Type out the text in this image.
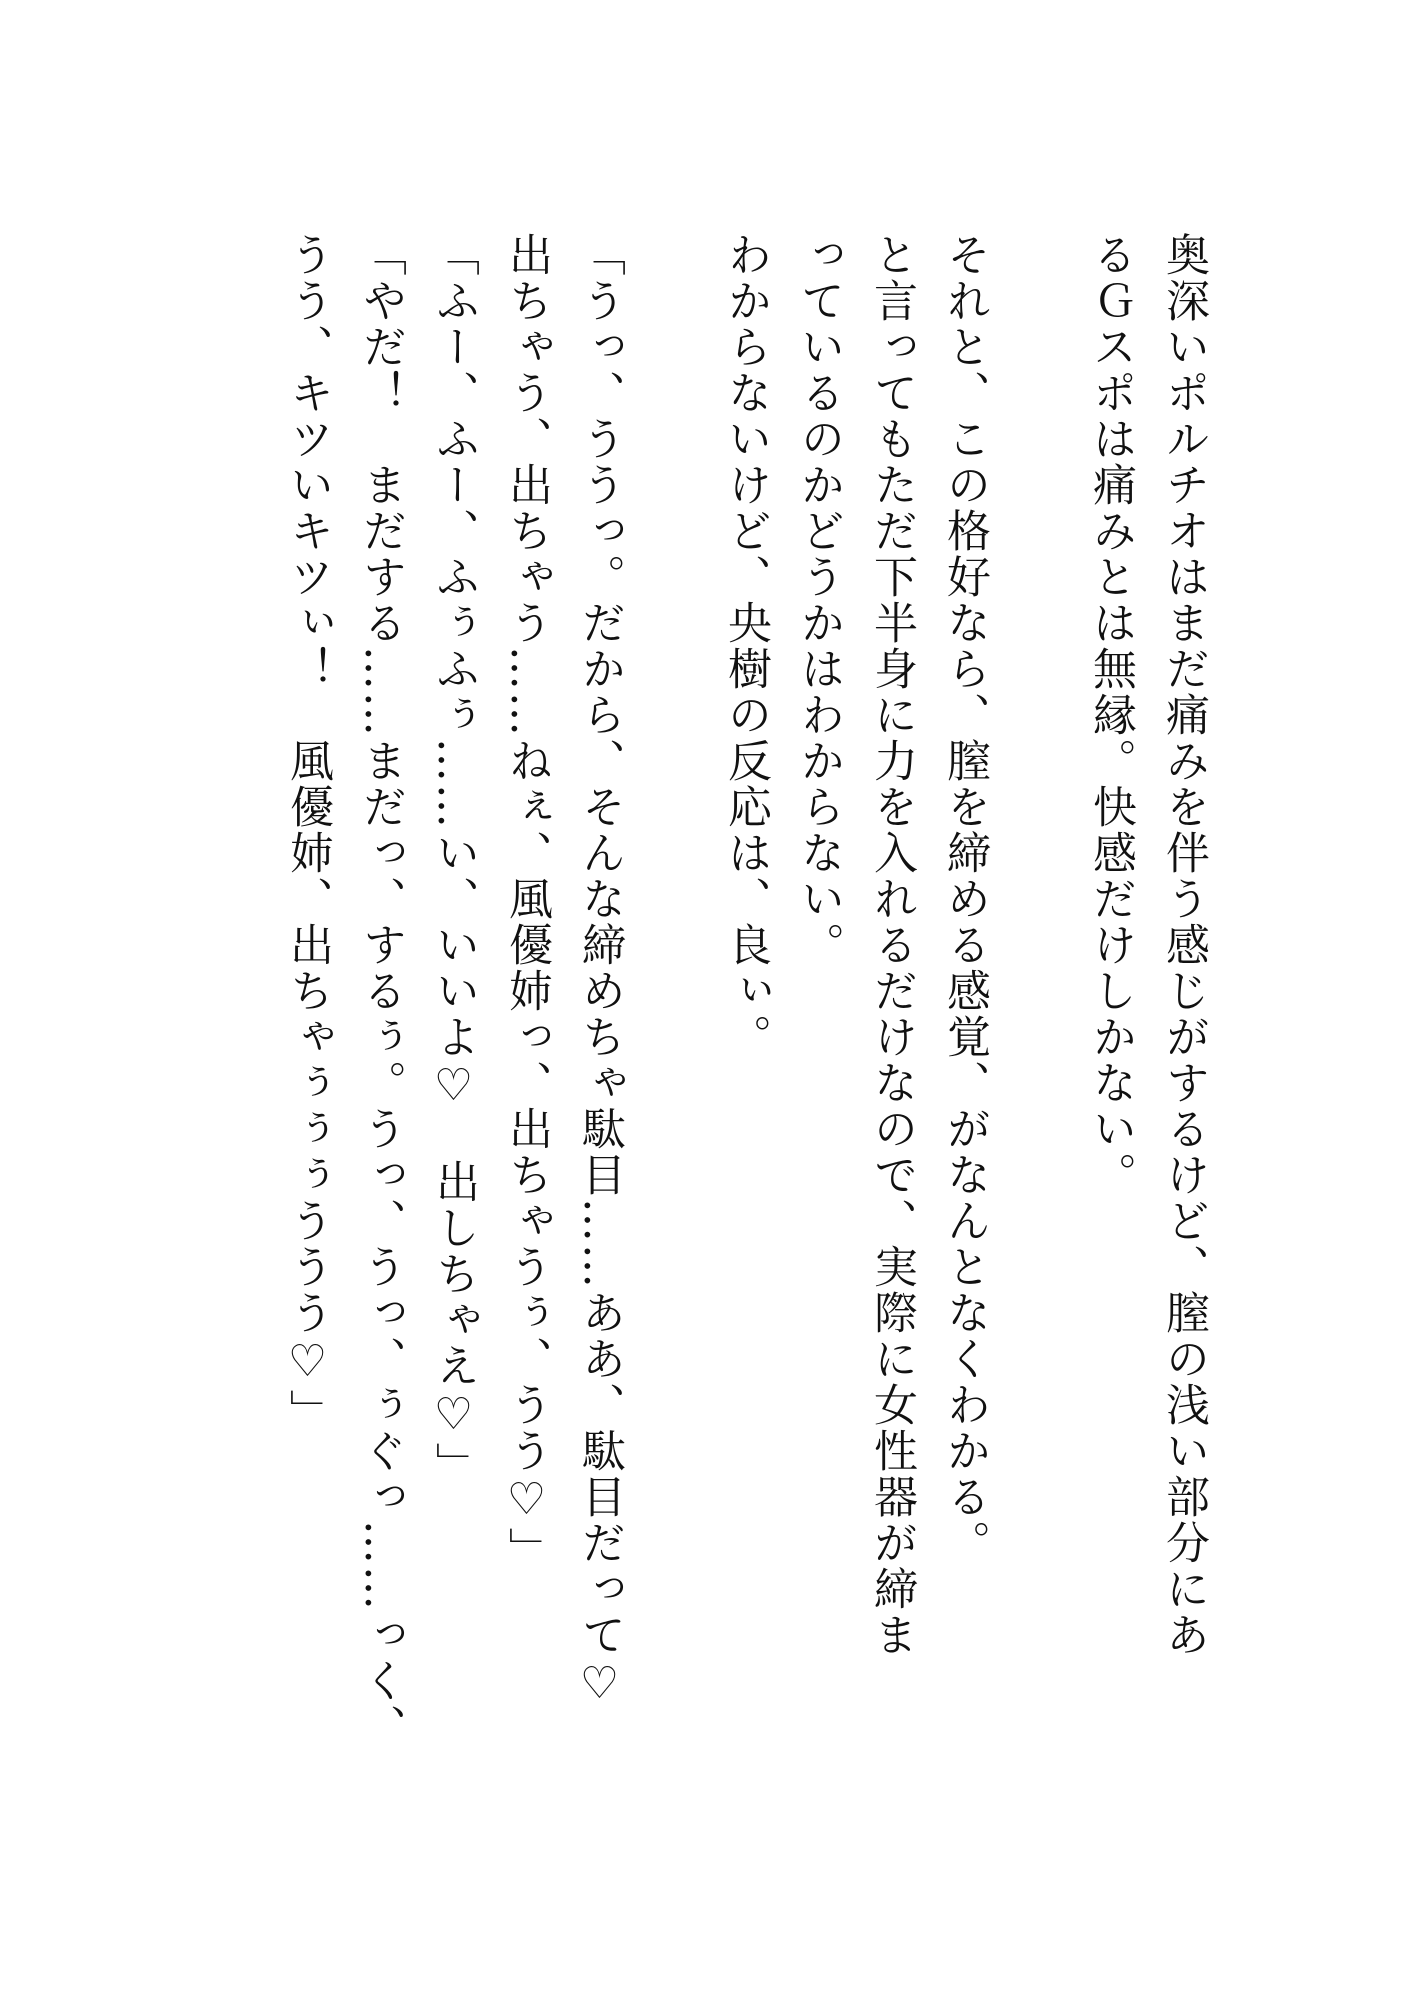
奥深いポルチオはまだ痛みを伴う感じがするけど、膣の浅い部分にあ
るＧスポは痛みとは無縁。快感だけしかない。
それと、この格好なら、膣を締める感覚、がなんとなくわかる。
と言ってもただ下半身に力を入れるだけなので、実際に女性器が締ま
っているのかどうかはわからない。
わからないけど、央樹の反応は、良ぃ。
「うっ、ううっ。だから、そんな締めちゃ駄目……ああ、駄目だって♡
出ちゃう、出ちゃう……ねぇ、風優姉っ、出ちゃうぅ、うう♡」
「ふー、ふー、ふぅふぅ……い、いいよ♡　出しちゃえ♡」
「やだ！　まだする……まだっ、するぅ。うっ、うっ、ぅぐっ……っく、
うう、キツいキツぃ！　風優姉、出ちゃぅぅぅううう♡」
